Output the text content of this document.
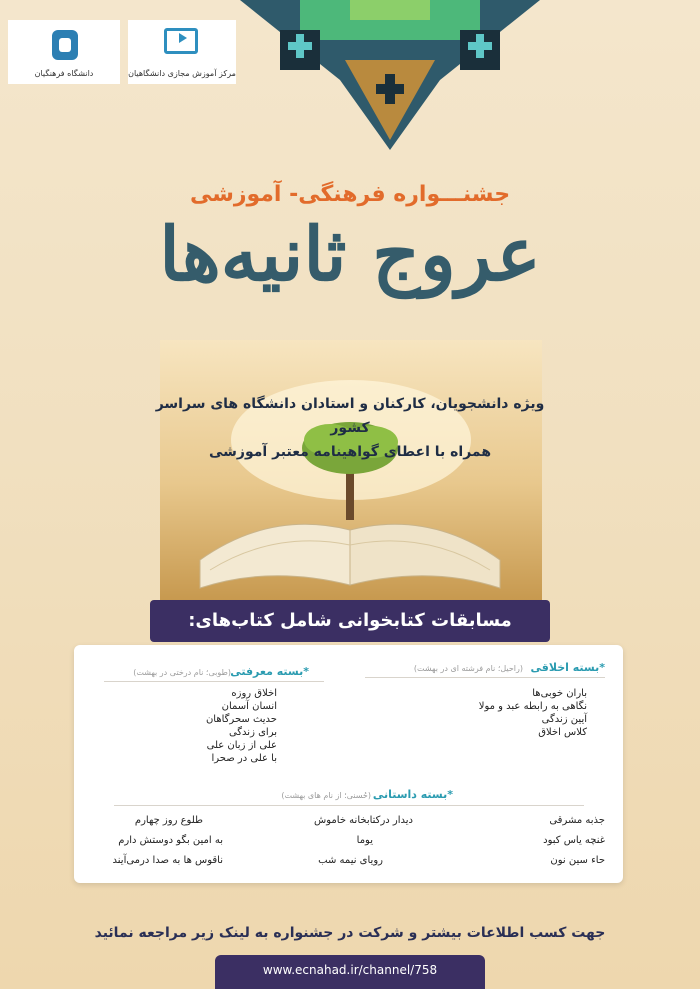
دانشگاه فرهنگیان	مرکز آموزش مجازی دانشگاهیان
جشنـــواره فرهنگی- آموزشی
عروج ثانیه‌ها
ویژه دانشجویان، کارکنان و استادان دانشگاه های سراسر کشور
همراه با اعطای گواهینامه معتبر آموزشی
مسابقات کتابخوانی شامل کتاب‌های:
*بسته اخلاقی
(راحیل؛ نام فرشته ای در بهشت)
باران خوبی‌ها
نگاهی به رابطه عبد و مولا
آیین زندگی
کلاس اخلاق
*بسته معرفتی
(طوبی؛ نام درختی در بهشت)
اخلاق روزه
انسان آسمان
حدیث سحرگاهان
برای زندگی
علی از زبان علی
با علی در صحرا
*بسته داستانی
(حُسنی؛ از نام های بهشت)
جذبه مشرقی
دیدار درکتابخانه خاموش
طلوع روز چهارم
غنچه یاس کبود
یوما
به امین بگو دوستش دارم
حاء سین نون
رویای نیمه شب
ناقوس ها به صدا درمی‌آیند
جهت کسب اطلاعات بیشتر و شرکت در جشنواره به لینک زیر مراجعه نمائید
www.ecnahad.ir/channel/758
